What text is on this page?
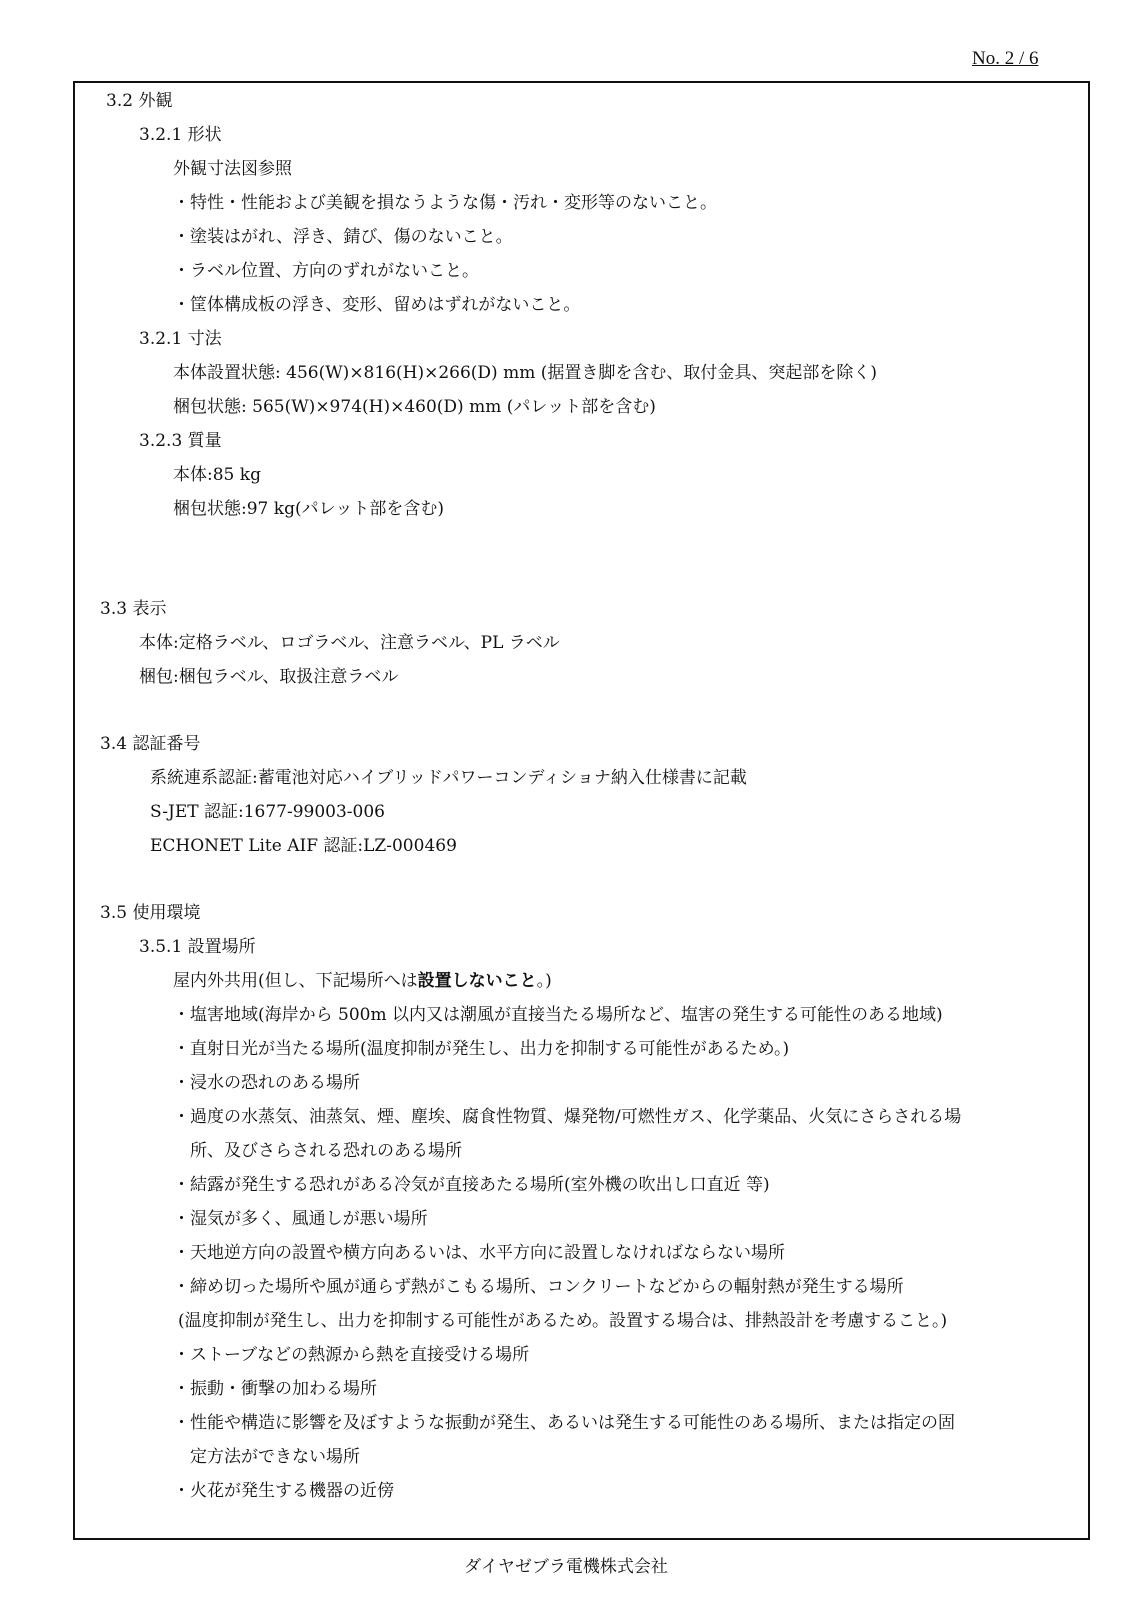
No. 2 / 6
3.2 外観
3.2.1 形状
外観寸法図参照
・特性・性能および美観を損なうような傷・汚れ・変形等のないこと。
・塗装はがれ、浮き、錆び、傷のないこと。
・ラベル位置、方向のずれがないこと。
・筐体構成板の浮き、変形、留めはずれがないこと。
3.2.1 寸法
本体設置状態: 456(W)×816(H)×266(D) mm (据置き脚を含む、取付金具、突起部を除く)
梱包状態: 565(W)×974(H)×460(D) mm (パレット部を含む)
3.2.3 質量
本体:85 kg
梱包状態:97 kg(パレット部を含む)
3.3 表示
本体:定格ラベル、ロゴラベル、注意ラベル、PL ラベル
梱包:梱包ラベル、取扱注意ラベル
3.4 認証番号
系統連系認証:蓄電池対応ハイブリッドパワーコンディショナ納入仕様書に記載
S-JET 認証:1677-99003-006
ECHONET Lite AIF 認証:LZ-000469
3.5 使用環境
3.5.1 設置場所
屋内外共用(但し、下記場所へは設置しないこと。)
・塩害地域(海岸から 500m 以内又は潮風が直接当たる場所など、塩害の発生する可能性のある地域)
・直射日光が当たる場所(温度抑制が発生し、出力を抑制する可能性があるため。)
・浸水の恐れのある場所
・過度の水蒸気、油蒸気、煙、塵埃、腐食性物質、爆発物/可燃性ガス、化学薬品、火気にさらされる場
所、及びさらされる恐れのある場所
・結露が発生する恐れがある冷気が直接あたる場所(室外機の吹出し口直近 等)
・湿気が多く、風通しが悪い場所
・天地逆方向の設置や横方向あるいは、水平方向に設置しなければならない場所
・締め切った場所や風が通らず熱がこもる場所、コンクリートなどからの輻射熱が発生する場所
(温度抑制が発生し、出力を抑制する可能性があるため。設置する場合は、排熱設計を考慮すること。)
・ストーブなどの熱源から熱を直接受ける場所
・振動・衝撃の加わる場所
・性能や構造に影響を及ぼすような振動が発生、あるいは発生する可能性のある場所、または指定の固
定方法ができない場所
・火花が発生する機器の近傍
ダイヤゼブラ電機株式会社
